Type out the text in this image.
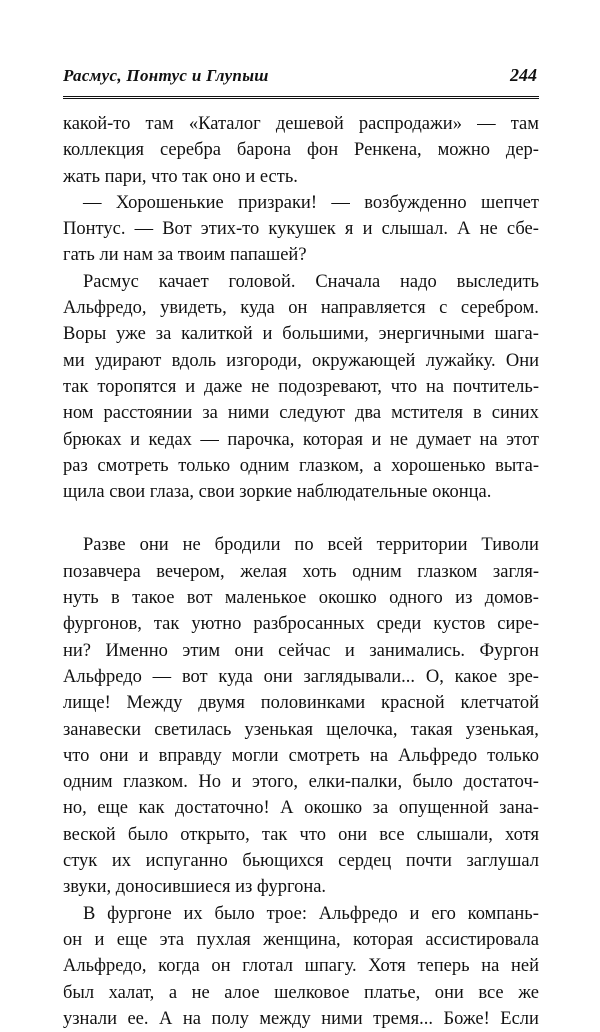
Расмус, Понтус и Глупыш	244
какой-то там «Каталог дешевой распродажи» — там
коллекция серебра барона фон Ренкена, можно дер-
жать пари, что так оно и есть.
— Хорошенькие призраки! — возбужденно шепчет
Понтус. — Вот этих-то кукушек я и слышал. А не сбе-
гать ли нам за твоим папашей?
Расмус качает головой. Сначала надо выследить
Альфредо, увидеть, куда он направляется с серебром.
Воры уже за калиткой и большими, энергичными шага-
ми удирают вдоль изгороди, окружающей лужайку. Они
так торопятся и даже не подозревают, что на почтитель-
ном расстоянии за ними следуют два мстителя в синих
брюках и кедах — парочка, которая и не думает на этот
раз смотреть только одним глазком, а хорошенько выта-
щила свои глаза, свои зоркие наблюдательные оконца.
Разве они не бродили по всей территории Тиволи
позавчера вечером, желая хоть одним глазком загля-
нуть в такое вот маленькое окошко одного из домов-
фургонов, так уютно разбросанных среди кустов сире-
ни? Именно этим они сейчас и занимались. Фургон
Альфредо — вот куда они заглядывали... О, какое зре-
лище! Между двумя половинками красной клетчатой
занавески светилась узенькая щелочка, такая узенькая,
что они и вправду могли смотреть на Альфредо только
одним глазком. Но и этого, елки-палки, было достаточ-
но, еще как достаточно! А окошко за опущенной зана-
веской было открыто, так что они все слышали, хотя
стук их испуганно бьющихся сердец почти заглушал
звуки, доносившиеся из фургона.
В фургоне их было трое: Альфредо и его компань-
он и еще эта пухлая женщина, которая ассистировала
Альфредо, когда он глотал шпагу. Хотя теперь на ней
был халат, а не алое шелковое платье, они все же
узнали ее. А на полу между ними тремя... Боже! Если
